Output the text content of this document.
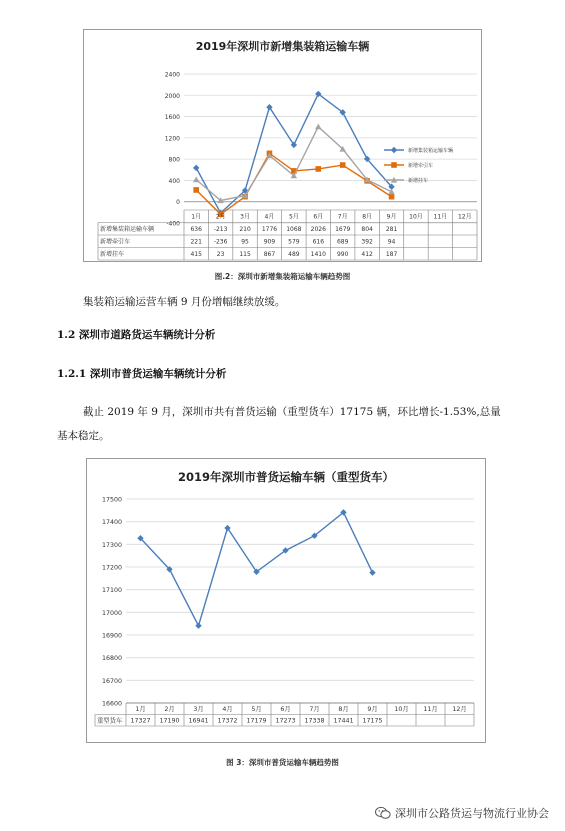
2019年深圳市新增集装箱运输车辆
-400
0
400
800
1200
1600
2000
2400
1月 2月 3月 4月 5月 6月 7月 8月 9月 10月 11月 12月
新增集装箱运输车辆	636 -213 210 1776 1068 2026 1679 804 281
新增牵引车	221 -236 95 909 579 616 689 392 94
新增挂车	415 23 115 867 489 1410 990 412 187
新增集装箱运输车辆
新增牵引车
新增挂车
图.2：深圳市新增集装箱运输车辆趋势图
集装箱运输运营车辆 9 月份增幅继续放缓。
1.2 深圳市道路货运车辆统计分析
1.2.1 深圳市普货运输车辆统计分析
截止 2019 年 9 月，深圳市共有普货运输（重型货车）17175 辆，环比增长-1.53%,总量
基本稳定。
2019年深圳市普货运输车辆（重型货车）
16600
16700
16800
16900
17000
17100
17200
17300
17400
17500
1月	2月	3月	4月	5月	6月	7月	8月	9月	10月 11月 12月
重型货车 17327 17190 16941 17372 17179 17273 17338 17441 17175
图 3：深圳市普货运输车辆趋势图
深圳市公路货运与物流行业协会
